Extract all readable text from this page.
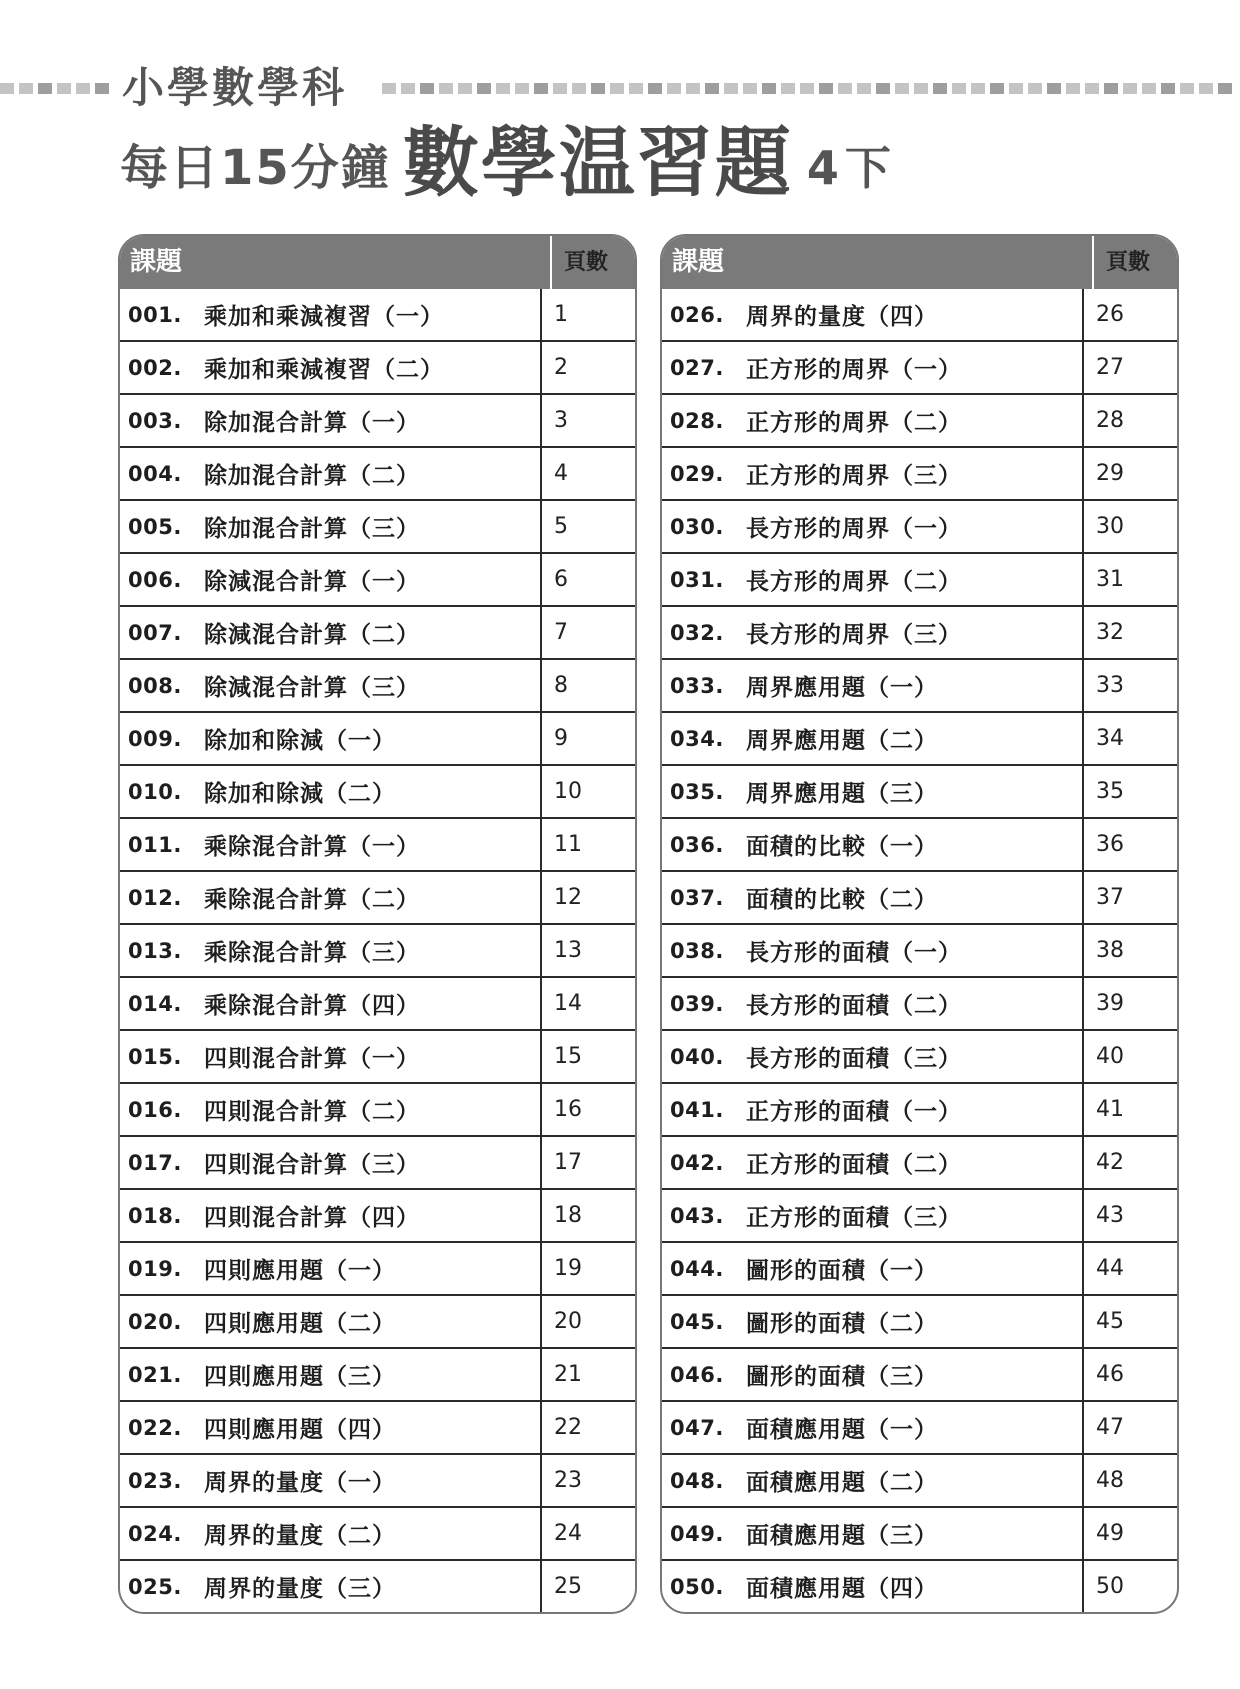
小學數學科
每日15分鐘 數學温習題 4下
課題	頁數
001. 乘加和乘減複習（一）	1
002. 乘加和乘減複習（二）	2
003. 除加混合計算（一）	3
004. 除加混合計算（二）	4
005. 除加混合計算（三）	5
006. 除減混合計算（一）	6
007. 除減混合計算（二）	7
008. 除減混合計算（三）	8
009. 除加和除減（一）	9
010. 除加和除減（二）	10
011. 乘除混合計算（一）	11
012. 乘除混合計算（二）	12
013. 乘除混合計算（三）	13
014. 乘除混合計算（四）	14
015. 四則混合計算（一）	15
016. 四則混合計算（二）	16
017. 四則混合計算（三）	17
018. 四則混合計算（四）	18
019. 四則應用題（一）	19
020. 四則應用題（二）	20
021. 四則應用題（三）	21
022. 四則應用題（四）	22
023. 周界的量度（一）	23
024. 周界的量度（二）	24
025. 周界的量度（三）	25
課題	頁數
026. 周界的量度（四）	26
027. 正方形的周界（一）	27
028. 正方形的周界（二）	28
029. 正方形的周界（三）	29
030. 長方形的周界（一）	30
031. 長方形的周界（二）	31
032. 長方形的周界（三）	32
033. 周界應用題（一）	33
034. 周界應用題（二）	34
035. 周界應用題（三）	35
036. 面積的比較（一）	36
037. 面積的比較（二）	37
038. 長方形的面積（一）	38
039. 長方形的面積（二）	39
040. 長方形的面積（三）	40
041. 正方形的面積（一）	41
042. 正方形的面積（二）	42
043. 正方形的面積（三）	43
044. 圖形的面積（一）	44
045. 圖形的面積（二）	45
046. 圖形的面積（三）	46
047. 面積應用題（一）	47
048. 面積應用題（二）	48
049. 面積應用題（三）	49
050. 面積應用題（四）	50
